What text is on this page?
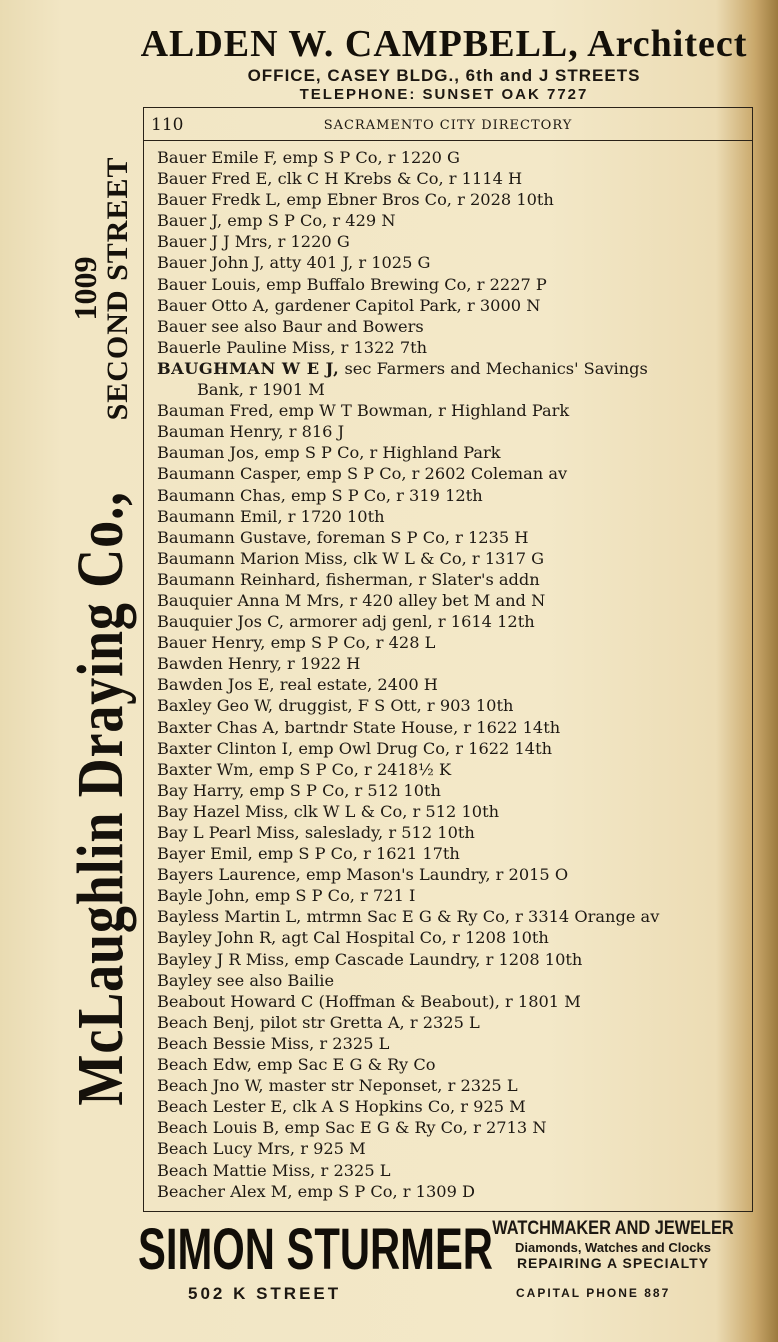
ALDEN W. CAMPBELL, Architect
OFFICE, CASEY BLDG., 6th and J STREETS
TELEPHONE: SUNSET OAK 7727
McLaughlin Draying Co.,
1009
SECOND STREET
110	SACRAMENTO CITY DIRECTORY
Bauer Emile F, emp S P Co, r 1220 G
Bauer Fred E, clk C H Krebs & Co, r 1114 H
Bauer Fredk L, emp Ebner Bros Co, r 2028 10th
Bauer J, emp S P Co, r 429 N
Bauer J J Mrs, r 1220 G
Bauer John J, atty 401 J, r 1025 G
Bauer Louis, emp Buffalo Brewing Co, r 2227 P
Bauer Otto A, gardener Capitol Park, r 3000 N
Bauer see also Baur and Bowers
Bauerle Pauline Miss, r 1322 7th
BAUGHMAN W E J, sec Farmers and Mechanics' Savings
Bank, r 1901 M
Bauman Fred, emp W T Bowman, r Highland Park
Bauman Henry, r 816 J
Bauman Jos, emp S P Co, r Highland Park
Baumann Casper, emp S P Co, r 2602 Coleman av
Baumann Chas, emp S P Co, r 319 12th
Baumann Emil, r 1720 10th
Baumann Gustave, foreman S P Co, r 1235 H
Baumann Marion Miss, clk W L & Co, r 1317 G
Baumann Reinhard, fisherman, r Slater's addn
Bauquier Anna M Mrs, r 420 alley bet M and N
Bauquier Jos C, armorer adj genl, r 1614 12th
Bauer Henry, emp S P Co, r 428 L
Bawden Henry, r 1922 H
Bawden Jos E, real estate, 2400 H
Baxley Geo W, druggist, F S Ott, r 903 10th
Baxter Chas A, bartndr State House, r 1622 14th
Baxter Clinton I, emp Owl Drug Co, r 1622 14th
Baxter Wm, emp S P Co, r 2418½ K
Bay Harry, emp S P Co, r 512 10th
Bay Hazel Miss, clk W L & Co, r 512 10th
Bay L Pearl Miss, saleslady, r 512 10th
Bayer Emil, emp S P Co, r 1621 17th
Bayers Laurence, emp Mason's Laundry, r 2015 O
Bayle John, emp S P Co, r 721 I
Bayless Martin L, mtrmn Sac E G & Ry Co, r 3314 Orange av
Bayley John R, agt Cal Hospital Co, r 1208 10th
Bayley J R Miss, emp Cascade Laundry, r 1208 10th
Bayley see also Bailie
Beabout Howard C (Hoffman & Beabout), r 1801 M
Beach Benj, pilot str Gretta A, r 2325 L
Beach Bessie Miss, r 2325 L
Beach Edw, emp Sac E G & Ry Co
Beach Jno W, master str Neponset, r 2325 L
Beach Lester E, clk A S Hopkins Co, r 925 M
Beach Louis B, emp Sac E G & Ry Co, r 2713 N
Beach Lucy Mrs, r 925 M
Beach Mattie Miss, r 2325 L
Beacher Alex M, emp S P Co, r 1309 D
SIMON STURMER WATCHMAKER AND JEWELER
Diamonds, Watches and Clocks
REPAIRING A SPECIALTY
502 K STREET	CAPITAL PHONE 887
